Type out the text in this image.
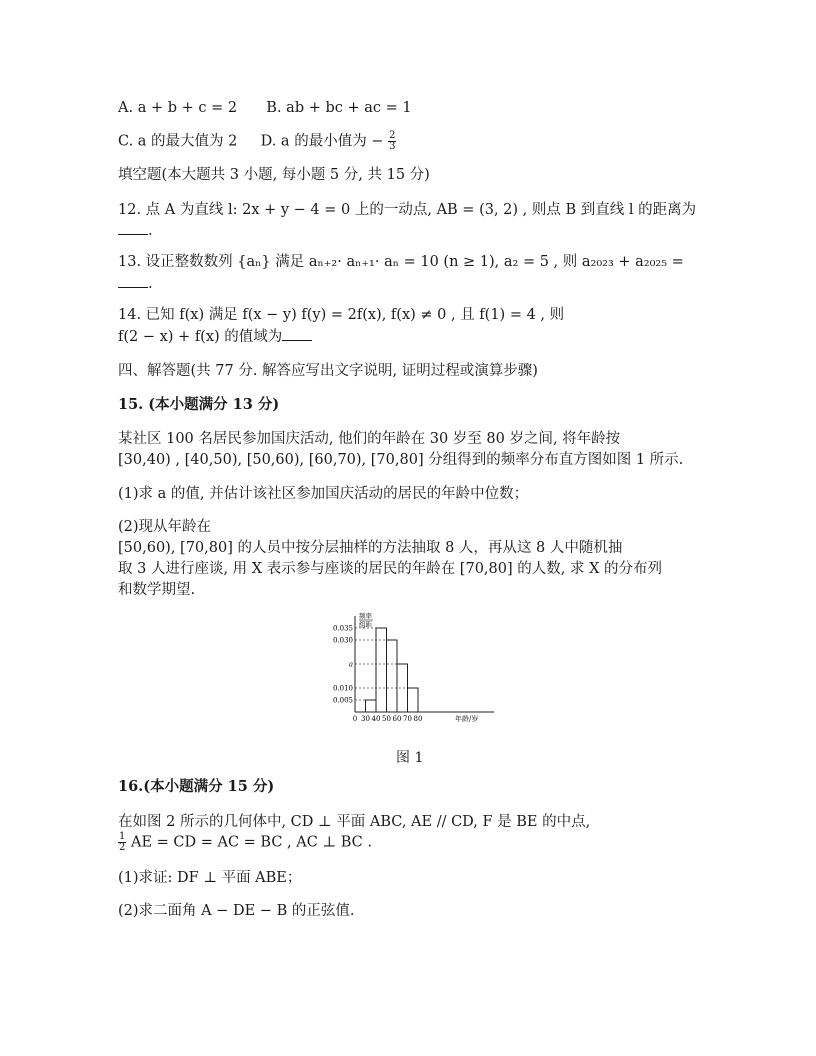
A. a + b + c = 2 B. ab + bc + ac = 1
C. a 的最大值为 2 D. a 的最小值为 − $\frac{2}{3}$
填空题(本大题共 3 小题, 每小题 5 分, 共 15 分)
12. 点 A 为直线 l: 2x + y − 4 = 0 上的一动点, AB = (3, 2) , 则点 B 到直线 l 的距离为
.
13. 设正整数数列 {aₙ} 满足 aₙ₊₂· aₙ₊₁· aₙ = 10 (n ≥ 1), a₂ = 5 , 则 a₂₀₂₃ + a₂₀₂₅ =
.
14. 已知 f(x) 满足 f(x − y) f(y) = 2f(x), f(x) ≠ 0 , 且 f(1) = 4 , 则
f(2 − x) + f(x) 的值域为
四、解答题(共 77 分. 解答应写出文字说明, 证明过程或演算步骤)
15. (本小题满分 13 分)
某社区 100 名居民参加国庆活动, 他们的年龄在 30 岁至 80 岁之间, 将年龄按
[30,40) , [40,50), [50,60), [60,70), [70,80] 分组得到的频率分布直方图如图 1 所示.
(1)求 a 的值, 并估计该社区参加国庆活动的居民的年龄中位数；
(2)现从年龄在
[50,60), [70,80] 的人员中按分层抽样的方法抽取 8 人，再从这 8 人中随机抽
取 3 人进行座谈, 用 X 表示参与座谈的居民的年龄在 [70,80] 的人数, 求 X 的分布列
和数学期望.
0.035
0.030
a
0.010
0.005
0 30 40 50 60 70 80	年龄/岁
频率
组距
图 1
16.(本小题满分 15 分)
在如图 2 所示的几何体中, CD ⊥ 平面 ABC, AE // CD, F 是 BE 的中点,
$\frac{1}{2}$ AE = CD = AC = BC , AC ⊥ BC .
(1)求证: DF ⊥ 平面 ABE；
(2)求二面角 A − DE − B 的正弦值.
